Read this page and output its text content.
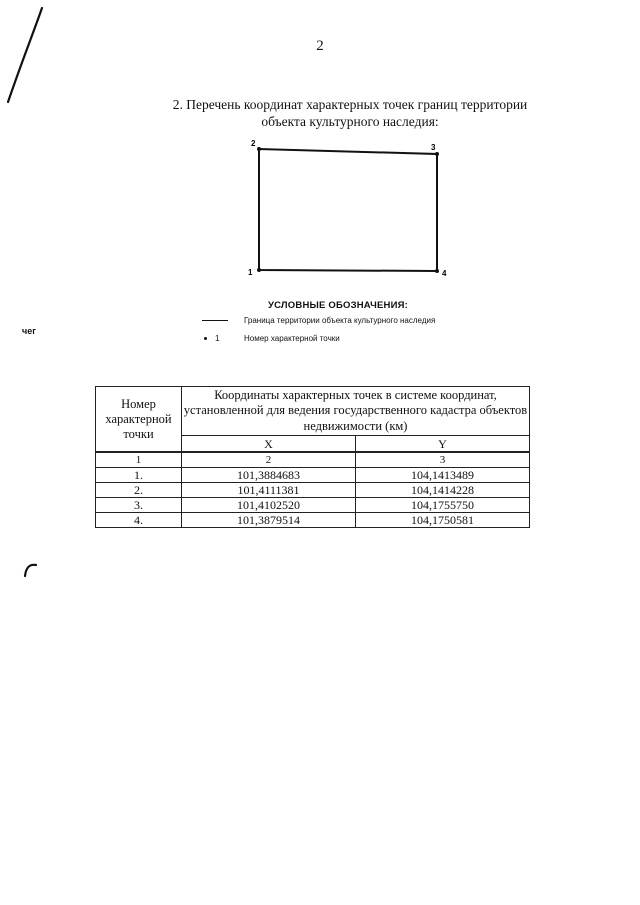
2
2. Перечень координат характерных точек границ территории
объекта культурного наследия:
1
2	3
4
УСЛОВНЫЕ ОБОЗНАЧЕНИЯ:
Граница территории объекта культурного наследия
1	Номер характерной точки
чег
Номер характерной точки	Координаты характерных точек в системе координат, установленной для ведения государственного кадастра объектов недвижимости (км)	
	X	Y
1	2	3
1.	101,3884683	104,1413489
2.	101,4111381	104,1414228
3.	101,4102520	104,1755750
4.	101,3879514	104,1750581
